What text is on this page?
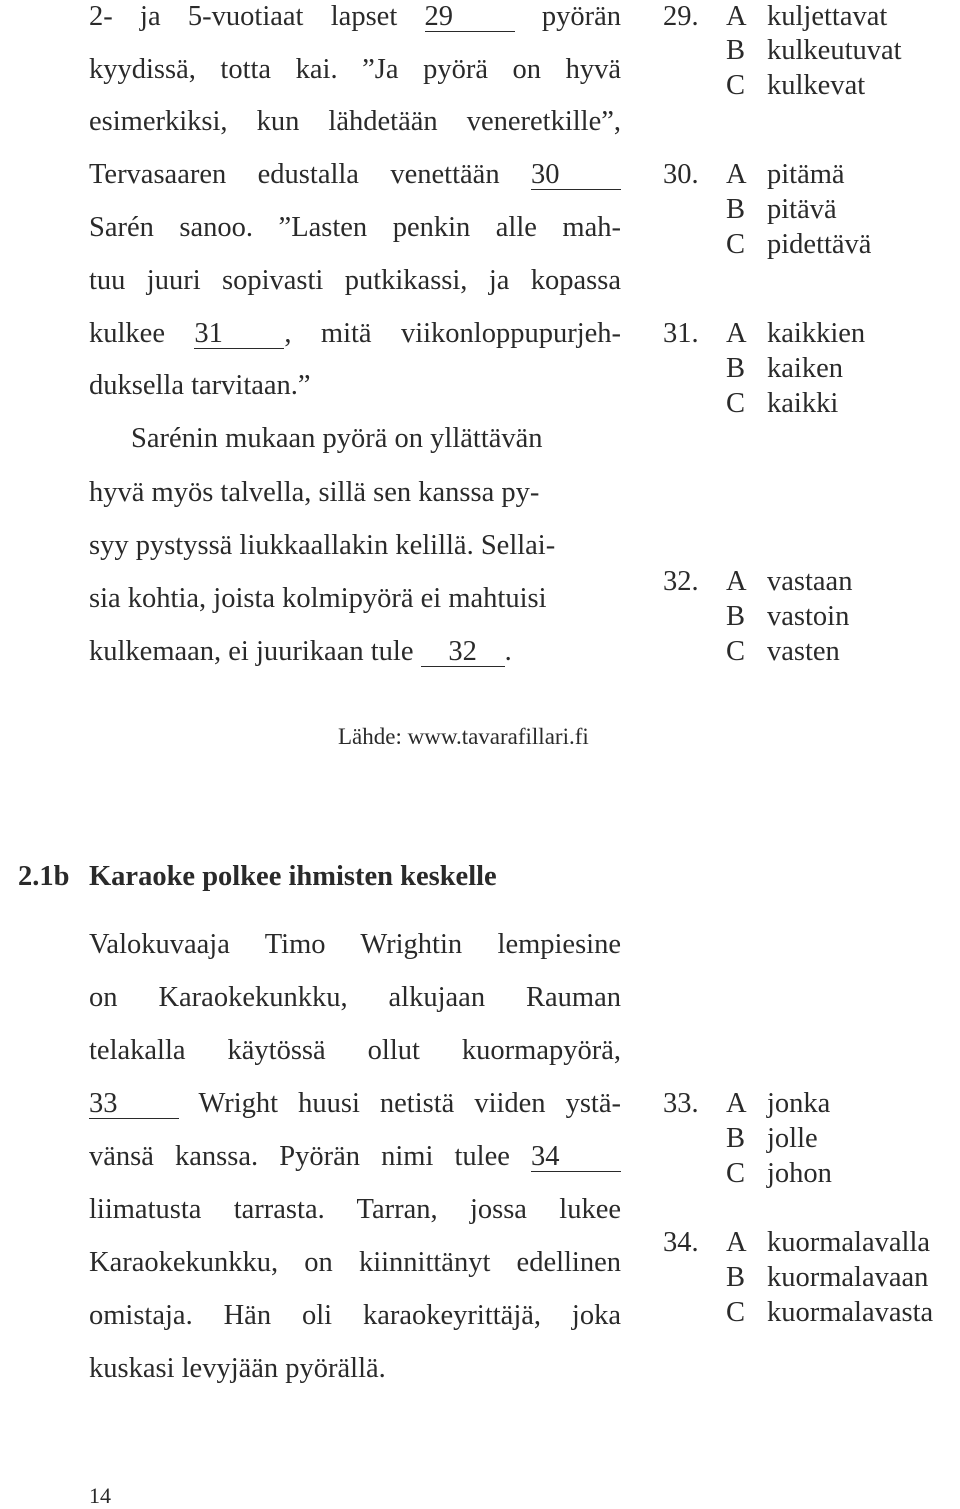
2- ja 5-vuotiaat lapset 29 pyörän

kyydissä, totta kai. ”Ja pyörä on hyvä

esimerkiksi, kun lähdetään veneretkille”,

Tervasaaren edustalla venettään 30

Sarén sanoo. ”Lasten penkin alle mah-

tuu juuri sopivasti putkikassi, ja kopassa

kulkee 31 , mitä viikonloppupurjeh-

duksella tarvitaan.”

Sarénin mukaan pyörä on yllättävän

hyvä myös talvella, sillä sen kanssa py-

syy pystyssä liukkaallakin kelillä. Sellai-

sia kohtia, joista kolmipyörä ei mahtuisi

kulkemaan, ei juurikaan tule 32 .

29. A kuljettavat
B kulkeutuvat
C kulkevat
30. A pitämä
B pitävä
C pidettävä
31. A kaikkien
B kaiken
C kaikki
32. A vastaan
B vastoin
C vasten
Lähde: www.tavarafillari.fi
2.1b Karaoke polkee ihmisten keskelle

Valokuvaaja Timo Wrightin lempiesine

on Karaokekunkku, alkujaan Rauman

telakalla käytössä ollut kuormapyörä,

33 Wright huusi netistä viiden ystä-

vänsä kanssa. Pyörän nimi tulee 34

liimatusta tarrasta. Tarran, jossa lukee

Karaokekunkku, on kiinnittänyt edellinen

omistaja. Hän oli karaokeyrittäjä, joka

kuskasi levyjään pyörällä.

33. A jonka
B jolle
C johon
34. A kuormalavalla
B kuormalavaan
C kuormalavasta
14
